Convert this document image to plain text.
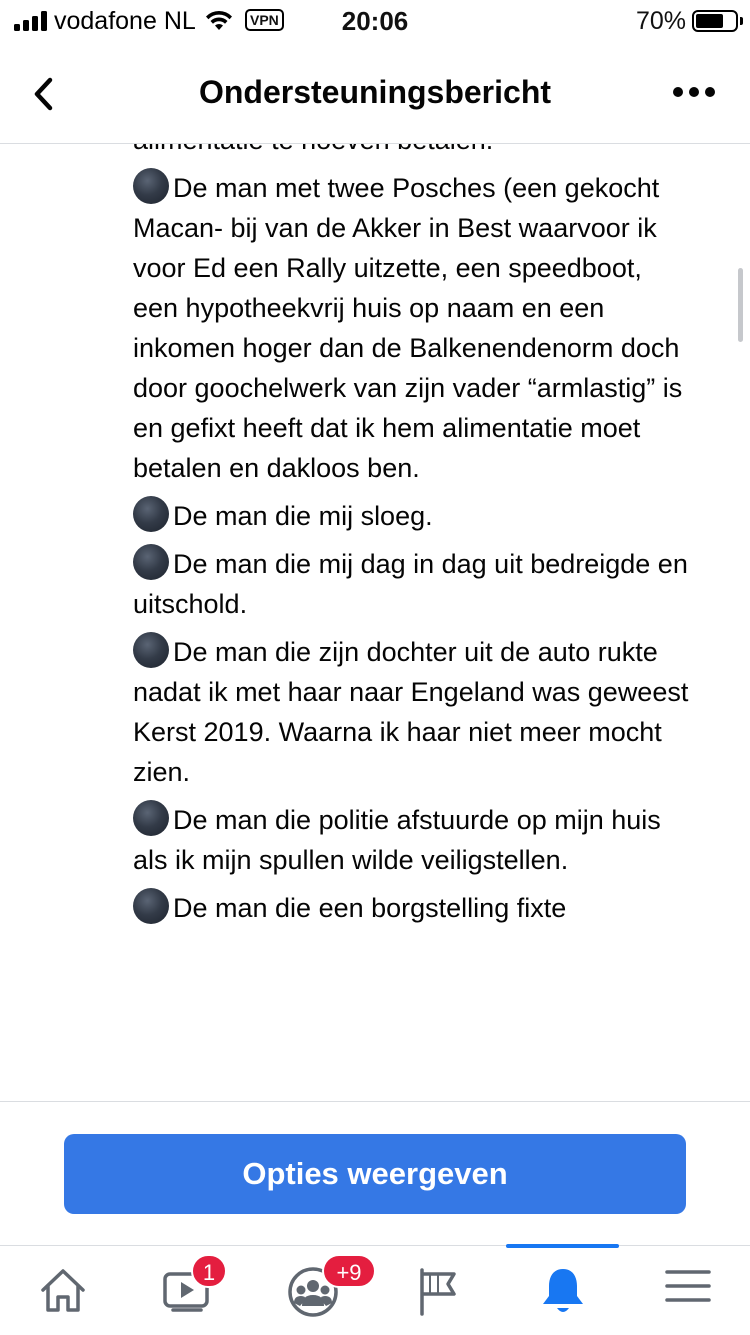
vodafone NL	VPN	20:06	70%
Ondersteuningsbericht
De man met twee Posches (een gekocht Macan- bij van de Akker in Best waarvoor ik voor Ed een Rally uitzette, een speedboot, een hypotheekvrij huis op naam en een inkomen hoger dan de Balkenendenorm doch door goochelwerk van zijn vader “armlastig” is en gefixt heeft dat ik hem alimentatie moet betalen en dakloos ben.
De man die mij sloeg.
De man die mij dag in dag uit bedreigde en uitschold.
De man die zijn dochter uit de auto rukte nadat ik met haar naar Engeland was geweest Kerst 2019. Waarna ik haar niet meer mocht zien.
De man die politie afstuurde op mijn huis als ik mijn spullen wilde veiligstellen.
De man die een borgstelling fixte
Opties weergeven
1	+9
